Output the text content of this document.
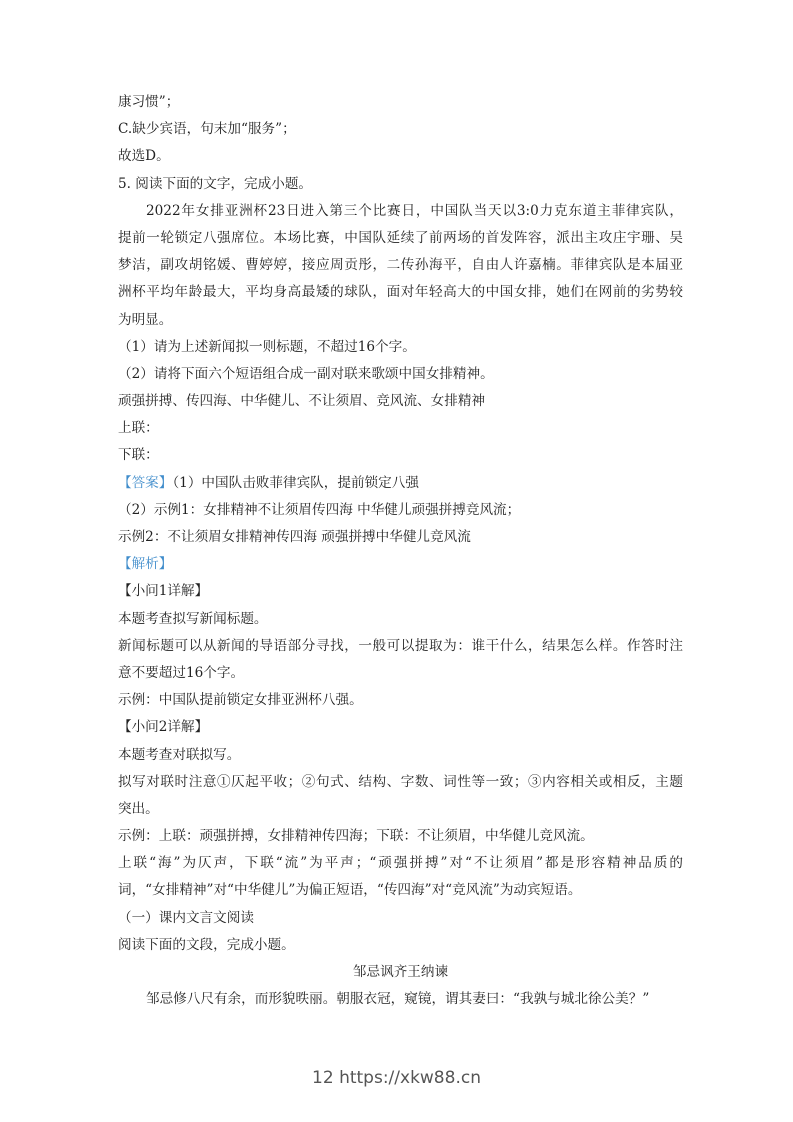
康习惯”；
C.缺少宾语，句末加“服务”；
故选D。
5. 阅读下面的文字，完成小题。
2022年女排亚洲杯23日进入第三个比赛日，中国队当天以3:0力克东道主菲律宾队，
提前一轮锁定八强席位。本场比赛，中国队延续了前两场的首发阵容，派出主攻庄宇珊、吴
梦洁，副攻胡铭媛、曹婷婷，接应周贡彤，二传孙海平，自由人许嘉楠。菲律宾队是本届亚
洲杯平均年龄最大，平均身高最矮的球队，面对年轻高大的中国女排，她们在网前的劣势较
为明显。
（1）请为上述新闻拟一则标题，不超过16个字。
（2）请将下面六个短语组合成一副对联来歌颂中国女排精神。
顽强拼搏、传四海、中华健儿、不让须眉、竞风流、女排精神
上联：
下联：
【答案】（1）中国队击败菲律宾队，提前锁定八强
（2）示例1：女排精神不让须眉传四海 中华健儿顽强拼搏竞风流；
示例2：不让须眉女排精神传四海 顽强拼搏中华健儿竞风流
【解析】
【小问1详解】
本题考查拟写新闻标题。
新闻标题可以从新闻的导语部分寻找，一般可以提取为：谁干什么，结果怎么样。作答时注
意不要超过16个字。
示例：中国队提前锁定女排亚洲杯八强。
【小问2详解】
本题考查对联拟写。
拟写对联时注意①仄起平收；②句式、结构、字数、词性等一致；③内容相关或相反，主题
突出。
示例：上联：顽强拼搏，女排精神传四海；下联：不让须眉，中华健儿竞风流。
上联“海”为仄声，下联“流”为平声；“顽强拼搏”对“不让须眉”都是形容精神品质的
词，“女排精神”对“中华健儿”为偏正短语，“传四海”对“竞风流”为动宾短语。
（一）课内文言文阅读
阅读下面的文段，完成小题。
邹忌讽齐王纳谏
邹忌修八尺有余，而形貌昳丽。朝服衣冠，窥镜，谓其妻曰：“我孰与城北徐公美？”
12 https://xkw88.cn
